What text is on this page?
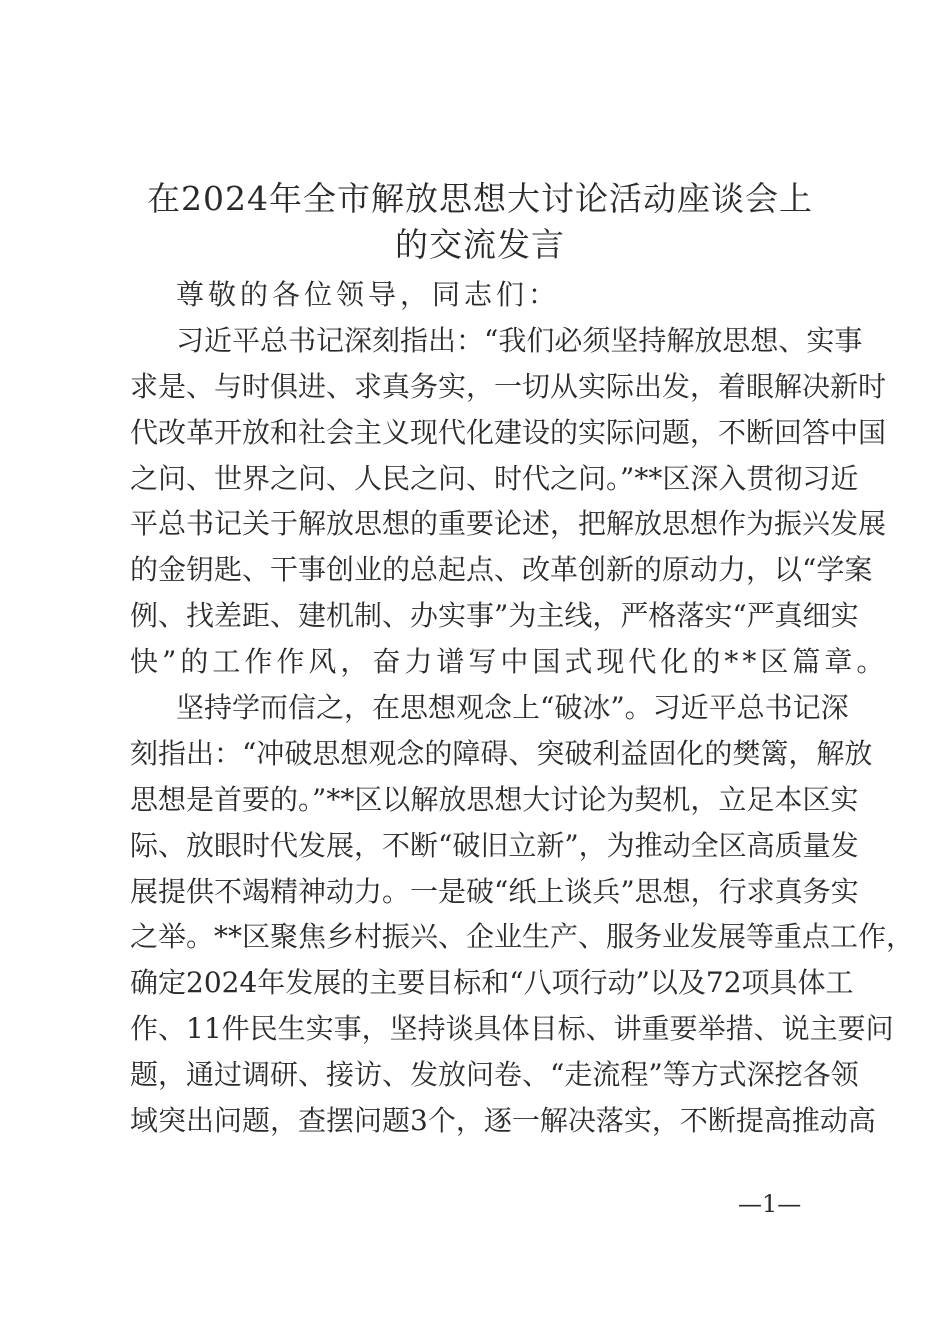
在2024年全市解放思想大讨论活动座谈会上
的交流发言
尊敬的各位领导，同志们：
习近平总书记深刻指出：“我们必须坚持解放思想、实事
求是、与时俱进、求真务实，一切从实际出发，着眼解决新时
代改革开放和社会主义现代化建设的实际问题，不断回答中国
之问、世界之问、人民之问、时代之问。”**区深入贯彻习近
平总书记关于解放思想的重要论述，把解放思想作为振兴发展
的金钥匙、干事创业的总起点、改革创新的原动力，以“学案
例、找差距、建机制、办实事”为主线，严格落实“严真细实
快”的工作作风，奋力谱写中国式现代化的**区篇章。
坚持学而信之，在思想观念上“破冰”。习近平总书记深
刻指出：“冲破思想观念的障碍、突破利益固化的樊篱，解放
思想是首要的。”**区以解放思想大讨论为契机，立足本区实
际、放眼时代发展，不断“破旧立新”，为推动全区高质量发
展提供不竭精神动力。一是破“纸上谈兵”思想，行求真务实
之举。**区聚焦乡村振兴、企业生产、服务业发展等重点工作，
确定2024年发展的主要目标和“八项行动”以及72项具体工
作、11件民生实事，坚持谈具体目标、讲重要举措、说主要问
题，通过调研、接访、发放问卷、“走流程”等方式深挖各领
域突出问题，查摆问题3个，逐一解决落实，不断提高推动高
—1—
